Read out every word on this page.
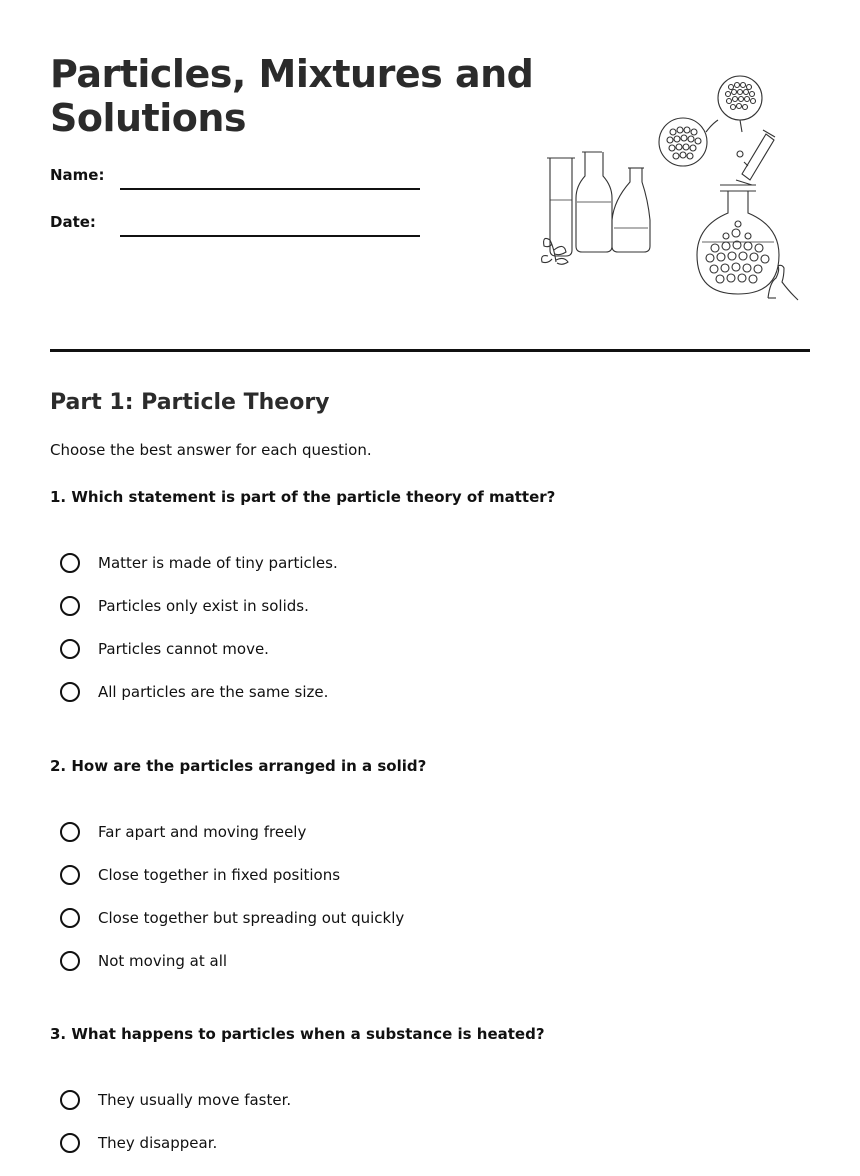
Particles, Mixtures and Solutions
Name:
Date:
Part 1: Particle Theory
Choose the best answer for each question.
1. Which statement is part of the particle theory of matter?
Matter is made of tiny particles.
Particles only exist in solids.
Particles cannot move.
All particles are the same size.
2. How are the particles arranged in a solid?
Far apart and moving freely
Close together in fixed positions
Close together but spreading out quickly
Not moving at all
3. What happens to particles when a substance is heated?
They usually move faster.
They disappear.
